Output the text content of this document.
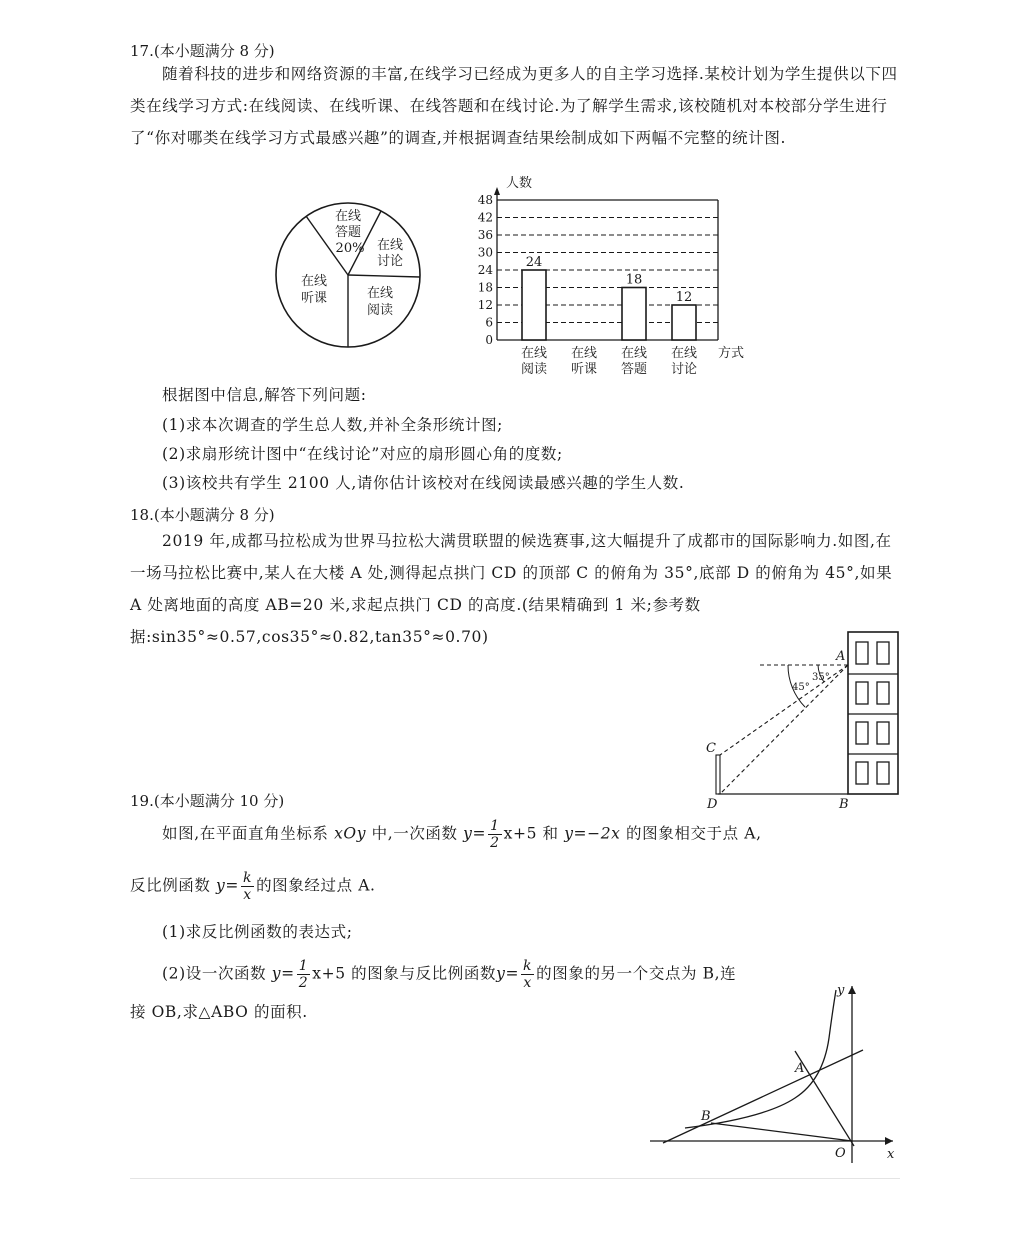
17.(本小题满分 8 分)
随着科技的进步和网络资源的丰富,在线学习已经成为更多人的自主学习选择.某校计划为学生提供以下四类在线学习方式:在线阅读、在线听课、在线答题和在线讨论.为了解学生需求,该校随机对本校部分学生进行了“你对哪类在线学习方式最感兴趣”的调查,并根据调查结果绘制成如下两幅不完整的统计图.
在线
答题
20% 在线
讨论
在线
阅读
在线
听课
0
6
12
18
24
30
36
42
48
24
在线
阅读
在线
听课
18
在线
答题
12
在线
讨论
人数
方式
根据图中信息,解答下列问题:
(1)求本次调查的学生总人数,并补全条形统计图;
(2)求扇形统计图中“在线讨论”对应的扇形圆心角的度数;
(3)该校共有学生 2100 人,请你估计该校对在线阅读最感兴趣的学生人数.
18.(本小题满分 8 分)
2019 年,成都马拉松成为世界马拉松大满贯联盟的候选赛事,这大幅提升了成都市的国际影响力.如图,在一场马拉松比赛中,某人在大楼 A 处,测得起点拱门 CD 的顶部 C 的俯角为 35°,底部 D 的俯角为 45°,如果 A 处离地面的高度 AB=20 米,求起点拱门 CD 的高度.(结果精确到 1 米;参考数据:sin35°≈0.57,cos35°≈0.82,tan35°≈0.70)
45°
35°
A
C
D	B
19.(本小题满分 10 分)
如图,在平面直角坐标系 xOy 中,一次函数 $y= \frac{1}{2} x+5$ 和 y=−2x 的图象相交于点 A,
反比例函数 $y= \frac{k}{x}$ 的图象经过点 A.
(1)求反比例函数的表达式;
(2)设一次函数 $y= \frac{1}{2} x+5$ 的图象与反比例函数$y= \frac{k}{x}$ 的图象的另一个交点为 B,连
接 OB,求△ABO 的面积.
A
B
O	x
y
